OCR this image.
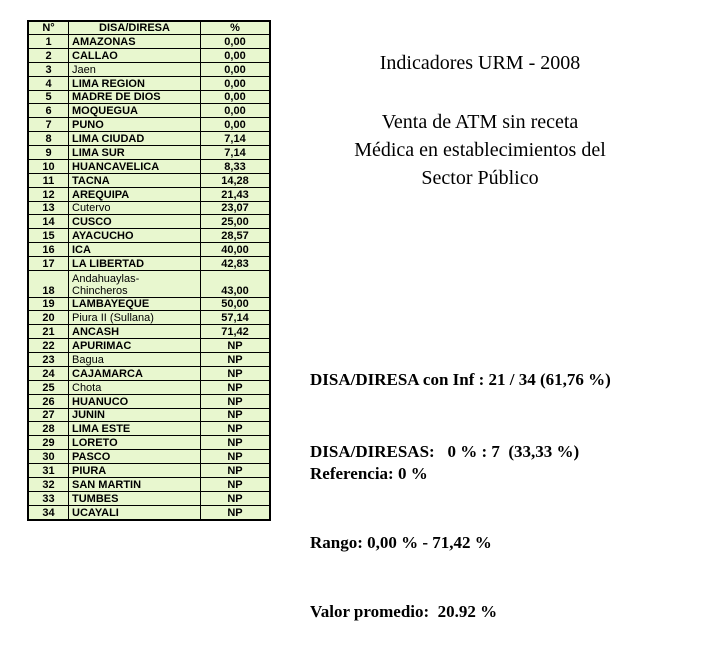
N°	DISA/DIRESA	%
1	AMAZONAS	0,00
2	CALLAO	0,00
3	Jaen	0,00
4	LIMA REGION	0,00
5	MADRE DE DIOS	0,00
6	MOQUEGUA	0,00
7	PUNO	0,00
8	LIMA CIUDAD	7,14
9	LIMA SUR	7,14
10	HUANCAVELICA	8,33
11	TACNA	14,28
12	AREQUIPA	21,43
13	Cutervo	23,07
14	CUSCO	25,00
15	AYACUCHO	28,57
16	ICA	40,00
17	LA LIBERTAD	42,83
18	Andahuaylas-
Chincheros	43,00
19	LAMBAYEQUE	50,00
20	Piura II (Sullana)	57,14
21	ANCASH	71,42
22	APURIMAC	NP
23	Bagua	NP
24	CAJAMARCA	NP
25	Chota	NP
26	HUANUCO	NP
27	JUNIN	NP
28	LIMA ESTE	NP
29	LORETO	NP
30	PASCO	NP
31	PIURA	NP
32	SAN MARTIN	NP
33	TUMBES	NP
34	UCAYALI	NP
Indicadores URM - 2008
Venta de ATM sin receta
Médica en establecimientos del
Sector Público

DISA/DIRESA con Inf : 21 / 34 (61,76 %)

DISA/DIRESAS:   0 % : 7  (33,33 %)

Referencia: 0 %

Rango: 0,00 % - 71,42 %

Valor promedio:  20.92 %
